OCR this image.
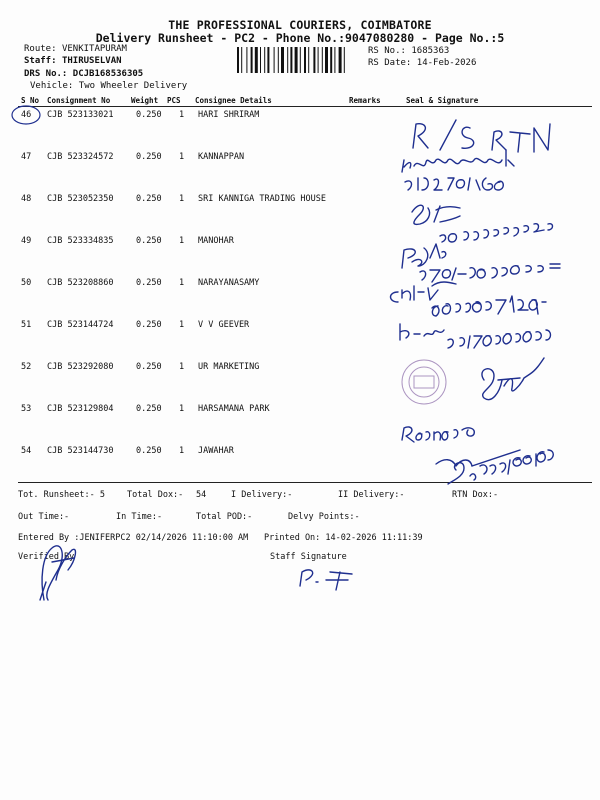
THE PROFESSIONAL COURIERS, COIMBATORE
Delivery Runsheet - PC2 - Phone No.:9047080280 - Page No.:5
Route: VENKITAPURAM
Staff: THIRUSELVAN
DRS No.: DCJB168536305
Vehicle: Two Wheeler Delivery
RS No.: 1685363
RS Date: 14-Feb-2026
S No Consignment No	Weight PCS Consignee Details	Remarks	Seal & Signature
46 CJB 523133021	0.250 1 HARI SHRIRAM
47 CJB 523324572	0.250 1 KANNAPPAN
48 CJB 523052350	0.250 1 SRI KANNIGA TRADING HOUSE
49 CJB 523334835	0.250 1 MANOHAR
50 CJB 523208860	0.250 1 NARAYANASAMY
51 CJB 523144724	0.250 1 V V GEEVER
52 CJB 523292080	0.250 1 UR MARKETING
53 CJB 523129804	0.250 1 HARSAMANA PARK
54 CJB 523144730	0.250 1 JAWAHAR
Tot. Runsheet:- 5	Total Dox:- 54	I Delivery:-	II Delivery:-	RTN Dox:-
Out Time:-	In Time:-	Total POD:-	Delvy Points:-
Entered By :JENIFERPC2 02/14/2026 11:10:00 AM Printed On: 14-02-2026 11:11:39
Verified By	Staff Signature
